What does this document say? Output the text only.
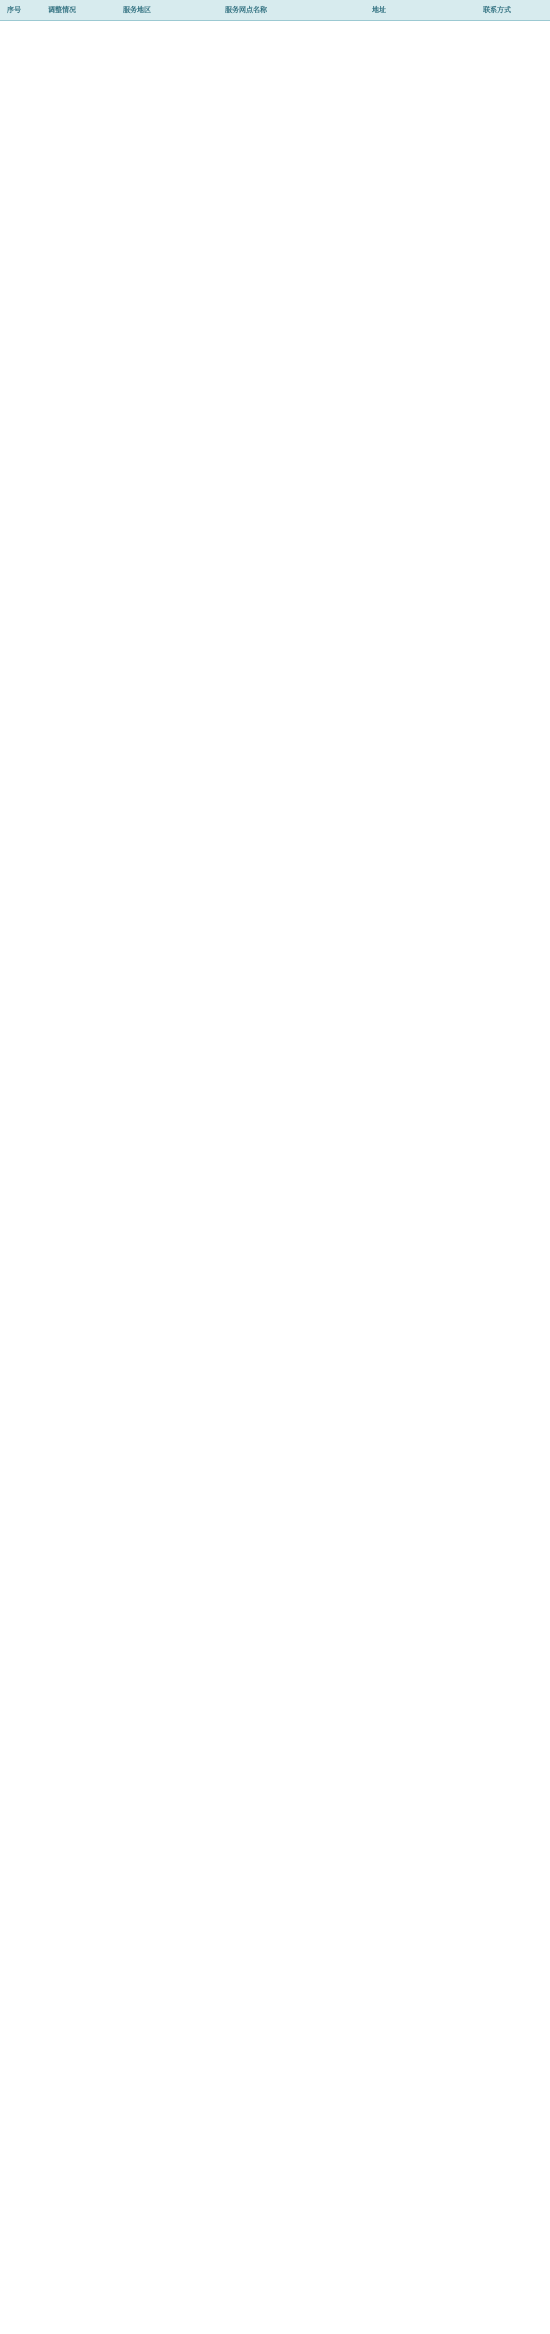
序号	调整情况	服务地区	服务网点名称	地址	联系方式
